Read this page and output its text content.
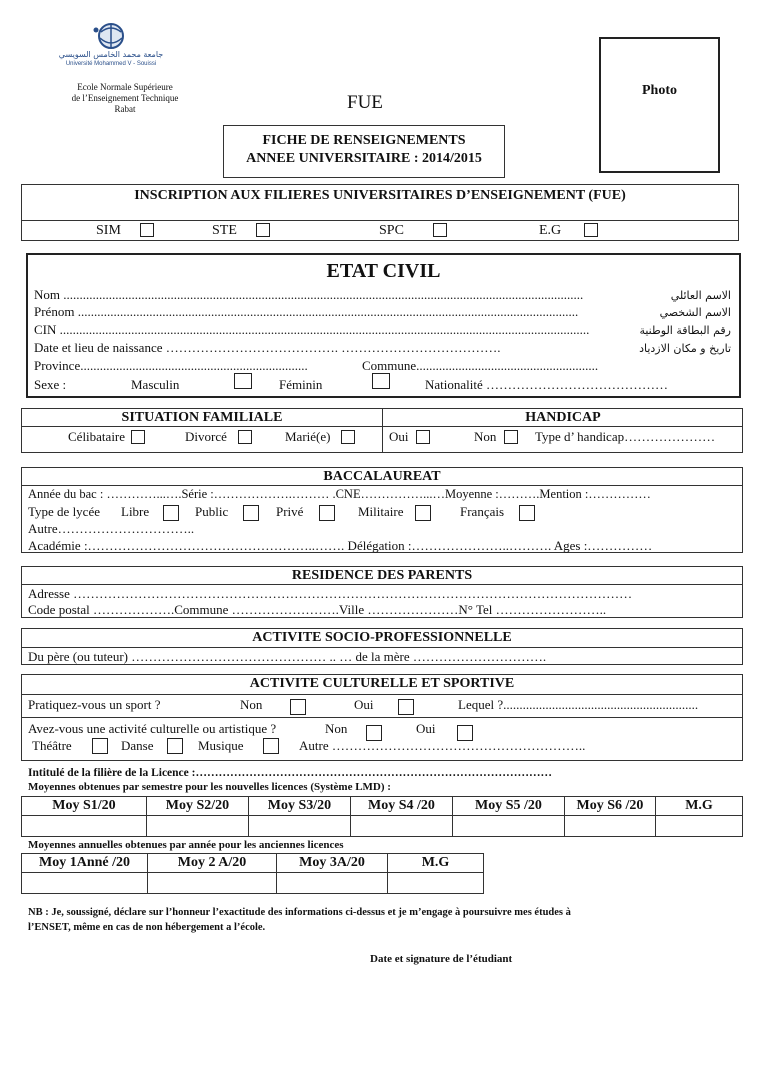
جامعة محمد الخامس السويسي
Université Mohammed V - Souissi
Ecole Normale Supérieure
de l’Enseignement Technique
Rabat	FUE
Photo
FICHE DE RENSEIGNEMENTS
ANNEE UNIVERSITAIRE : 2014/2015
INSCRIPTION AUX FILIERES UNIVERSITAIRES D’ENSEIGNEMENT (FUE)
SIM	STE	SPC	E.G
ETAT CIVIL
Nom ................................................................................................................................................................	الاسم العائلي
Prénom ..........................................................................................................................................................	الاسم الشخصي
CIN ...................................................................................................................................................................	رقم البطاقة الوطنية
Date et lieu de naissance …………………………………. ……………………………….	تاريخ و مكان الازدياد
Province......................................................................	Commune........................................................
Sexe :	Masculin	Féminin	Nationalité ……………………………………
SITUATION FAMILIALE	HANDICAP
Célibataire	Divorcé	Marié(e)	Oui	Non	Type d’ handicap…………………
BACCALAUREAT
Année du bac : …………...….Série :……………….……… .CNE……………...…Moyenne :……….Mention :……………
Type de lycée Libre	Public	Privé	Militaire	Français
Autre…………………………..
Académie :……………………………………………..……. Délégation :…………………..………. Ages :……………
RESIDENCE DES PARENTS
Adresse …………………………………………………………………………………………………………………
Code postal ……………….Commune …………………….Ville …………………N° Tel ……………………..
ACTIVITE SOCIO-PROFESSIONNELLE
Du père (ou tuteur) ……………………………………… .. … de la mère ………………………….
ACTIVITE CULTURELLE ET SPORTIVE
Pratiquez-vous un sport ?	Non	Oui	Lequel ?............................................................
Avez-vous une activité culturelle ou artistique ?	Non	Oui
Théâtre	Danse	Musique	Autre …………………………………………………..
Intitulé de la filière de la Licence :…………………………………………………………………………………
Moyennes obtenues par semestre pour les nouvelles licences (Système LMD) :
Moy S1/20	Moy S2/20	Moy S3/20	Moy S4 /20	Moy S5 /20	Moy S6 /20	M.G

Moyennes annuelles obtenues par année pour les anciennes licences
Moy 1Anné /20	Moy 2 A/20	Moy 3A/20	M.G

NB : Je, soussigné, déclare sur l’honneur l’exactitude des informations ci-dessus et je m’engage à poursuivre mes études à
l’ENSET, même en cas de non hébergement a l’école.
Date et signature de l’étudiant
